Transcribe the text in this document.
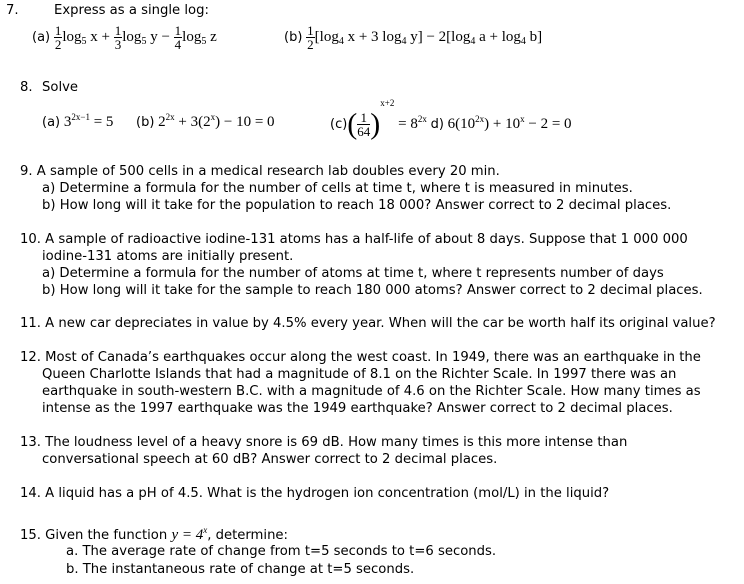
7.	Express as a single log:
$(a) \frac{1}{2} \log_5 x + \frac{1}{3} \log_5 y - \frac{1}{4} \log_5 z$	$(b) \frac{1}{2} [\log_4$ x + 3 $\log_4 y] - 2[\log_4$ $a + \log_4 b$]
8. Solve
(a) $3^{2x-1} = 5$ (b) $2^{2x} + 3(2^x) - 10 = 0$	$(c)( \frac{1}{64} )^{x+2} = 8^{2x}$ d) $6(10^{2x}) + 10^x - 2 = 0$
9. A sample of 500 cells in a medical research lab doubles every 20 min.
a) Determine a formula for the number of cells at time t, where t is measured in minutes.
b) How long will it take for the population to reach 18 000? Answer correct to 2 decimal places.
10. A sample of radioactive iodine-131 atoms has a half-life of about 8 days. Suppose that 1 000 000
iodine-131 atoms are initially present.
a) Determine a formula for the number of atoms at time t, where t represents number of days
b) How long will it take for the sample to reach 180 000 atoms? Answer correct to 2 decimal places.
11. A new car depreciates in value by 4.5% every year. When will the car be worth half its original value?
12. Most of Canada’s earthquakes occur along the west coast. In 1949, there was an earthquake in the
Queen Charlotte Islands that had a magnitude of 8.1 on the Richter Scale. In 1997 there was an
earthquake in south-western B.C. with a magnitude of 4.6 on the Richter Scale. How many times as
intense as the 1997 earthquake was the 1949 earthquake? Answer correct to 2 decimal places.
13. The loudness level of a heavy snore is 69 dB. How many times is this more intense than
conversational speech at 60 dB? Answer correct to 2 decimal places.
14. A liquid has a pH of 4.5. What is the hydrogen ion concentration (mol/L) in the liquid?
15. Given the function $y = 4^x$, determine:
a. The average rate of change from t=5 seconds to t=6 seconds.
b. The instantaneous rate of change at t=5 seconds.
